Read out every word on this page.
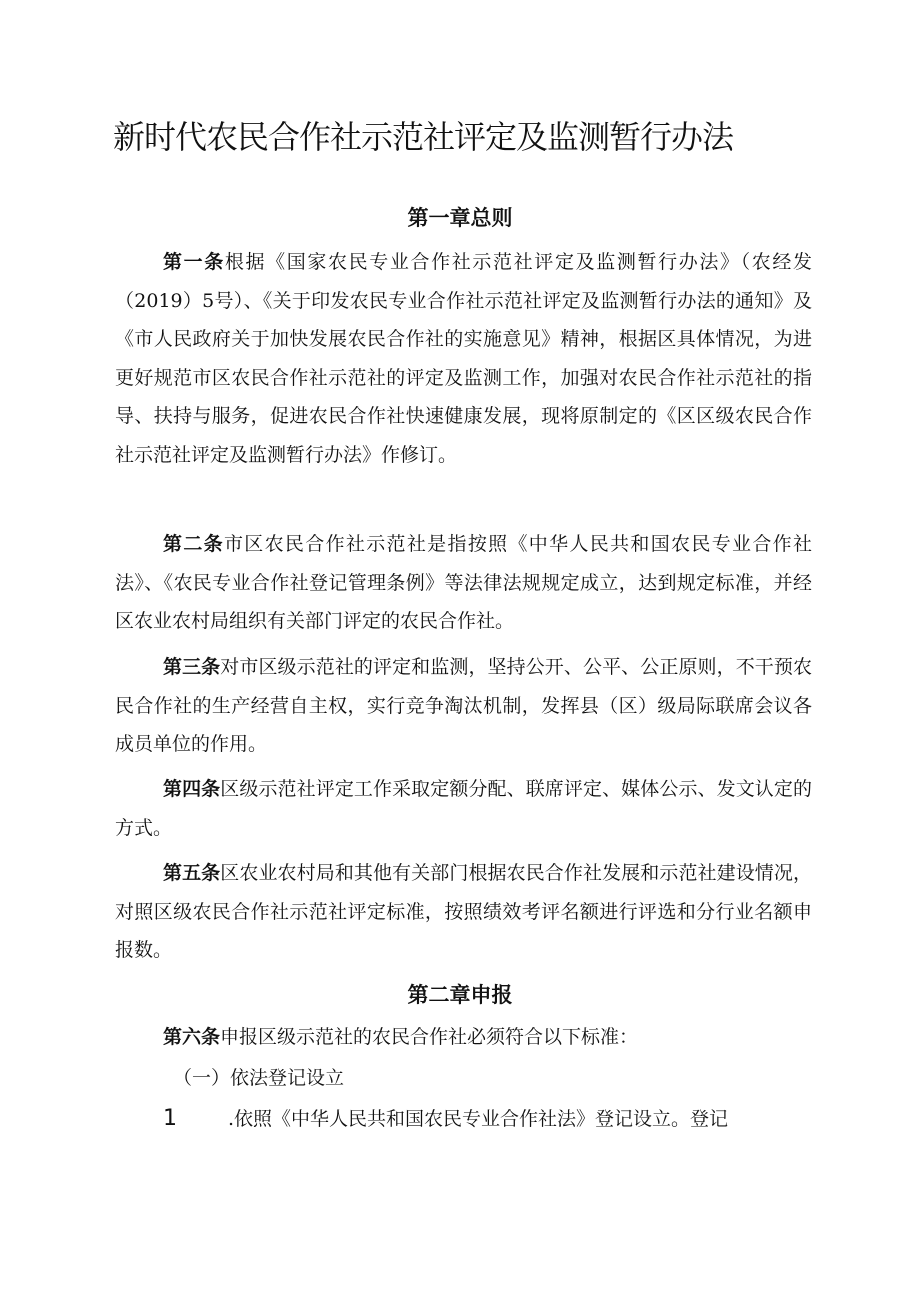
新时代农民合作社示范社评定及监测暂行办法
第一章总则

第一条根据《国家农民专业合作社示范社评定及监测暂行办法》（农经发（2019）5号）、《关于印发农民专业合作社示范社评定及监测暂行办法的通知》及《市人民政府关于加快发展农民合作社的实施意见》精神，根据区具体情况，为进更好规范市区农民合作社示范社的评定及监测工作，加强对农民合作社示范社的指导、扶持与服务，促进农民合作社快速健康发展，现将原制定的《区区级农民合作社示范社评定及监测暂行办法》作修订。

第二条市区农民合作社示范社是指按照《中华人民共和国农民专业合作社法》、《农民专业合作社登记管理条例》等法律法规规定成立，达到规定标准，并经区农业农村局组织有关部门评定的农民合作社。

第三条对市区级示范社的评定和监测，坚持公开、公平、公正原则，不干预农民合作社的生产经营自主权，实行竞争淘汰机制，发挥县（区）级局际联席会议各成员单位的作用。

第四条区级示范社评定工作采取定额分配、联席评定、媒体公示、发文认定的方式。

第五条区农业农村局和其他有关部门根据农民合作社发展和示范社建设情况，对照区级农民合作社示范社评定标准，按照绩效考评名额进行评选和分行业名额申报数。

第二章申报

第六条申报区级示范社的农民合作社必须符合以下标准：

（一）依法登记设立
1	.依照《中华人民共和国农民专业合作社法》登记设立。登记
